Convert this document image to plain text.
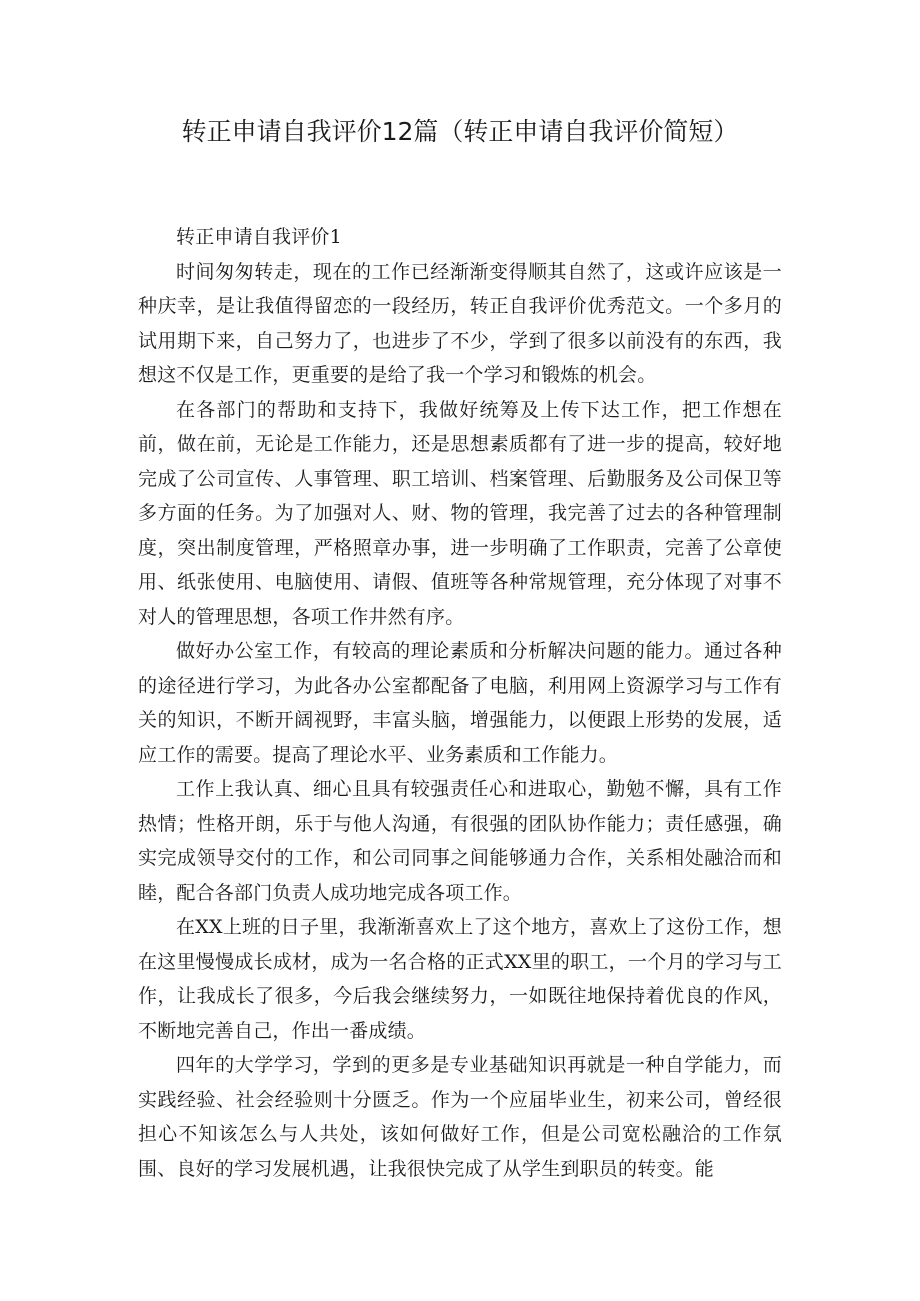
转正申请自我评价12篇（转正申请自我评价简短）

转正申请自我评价1

时间匆匆转走，现在的工作已经渐渐变得顺其自然了，这或许应该是一种庆幸，是让我值得留恋的一段经历，转正自我评价优秀范文。一个多月的试用期下来，自己努力了，也进步了不少，学到了很多以前没有的东西，我想这不仅是工作，更重要的是给了我一个学习和锻炼的机会。

在各部门的帮助和支持下，我做好统筹及上传下达工作，把工作想在前，做在前，无论是工作能力，还是思想素质都有了进一步的提高，较好地完成了公司宣传、人事管理、职工培训、档案管理、后勤服务及公司保卫等多方面的任务。为了加强对人、财、物的管理，我完善了过去的各种管理制度，突出制度管理，严格照章办事，进一步明确了工作职责，完善了公章使用、纸张使用、电脑使用、请假、值班等各种常规管理，充分体现了对事不对人的管理思想，各项工作井然有序。

做好办公室工作，有较高的理论素质和分析解决问题的能力。通过各种的途径进行学习，为此各办公室都配备了电脑，利用网上资源学习与工作有关的知识，不断开阔视野，丰富头脑，增强能力，以便跟上形势的发展，适应工作的需要。提高了理论水平、业务素质和工作能力。

工作上我认真、细心且具有较强责任心和进取心，勤勉不懈，具有工作热情；性格开朗，乐于与他人沟通，有很强的团队协作能力；责任感强，确实完成领导交付的工作，和公司同事之间能够通力合作，关系相处融洽而和睦，配合各部门负责人成功地完成各项工作。

在XX上班的日子里，我渐渐喜欢上了这个地方，喜欢上了这份工作，想在这里慢慢成长成材，成为一名合格的正式XX里的职工，一个月的学习与工作，让我成长了很多，今后我会继续努力，一如既往地保持着优良的作风，不断地完善自己，作出一番成绩。

四年的大学学习，学到的更多是专业基础知识再就是一种自学能力，而实践经验、社会经验则十分匮乏。作为一个应届毕业生，初来公司，曾经很担心不知该怎么与人共处，该如何做好工作，但是公司宽松融洽的工作氛围、良好的学习发展机遇，让我很快完成了从学生到职员的转变。能
